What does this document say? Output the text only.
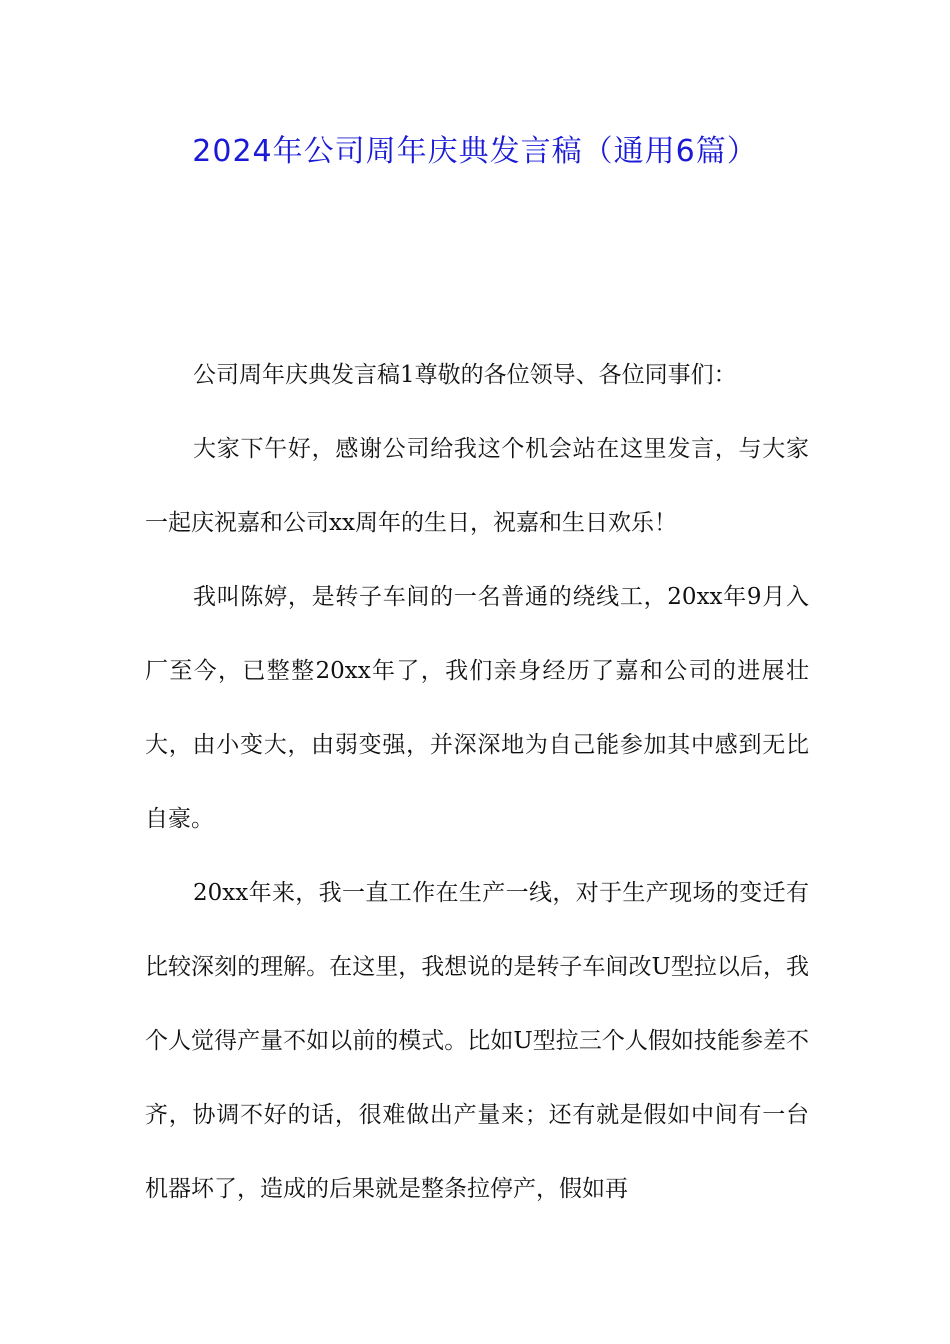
2024年公司周年庆典发言稿（通用6篇）

公司周年庆典发言稿1尊敬的各位领导、各位同事们：

大家下午好，感谢公司给我这个机会站在这里发言，与大家一起庆祝嘉和公司xx周年的生日，祝嘉和生日欢乐！

我叫陈婷，是转子车间的一名普通的绕线工，20xx年9月入厂至今，已整整20xx年了，我们亲身经历了嘉和公司的进展壮大，由小变大，由弱变强，并深深地为自己能参加其中感到无比自豪。

20xx年来，我一直工作在生产一线，对于生产现场的变迁有比较深刻的理解。在这里，我想说的是转子车间改U型拉以后，我个人觉得产量不如以前的模式。比如U型拉三个人假如技能参差不齐，协调不好的话，很难做出产量来；还有就是假如中间有一台机器坏了，造成的后果就是整条拉停产，假如再
